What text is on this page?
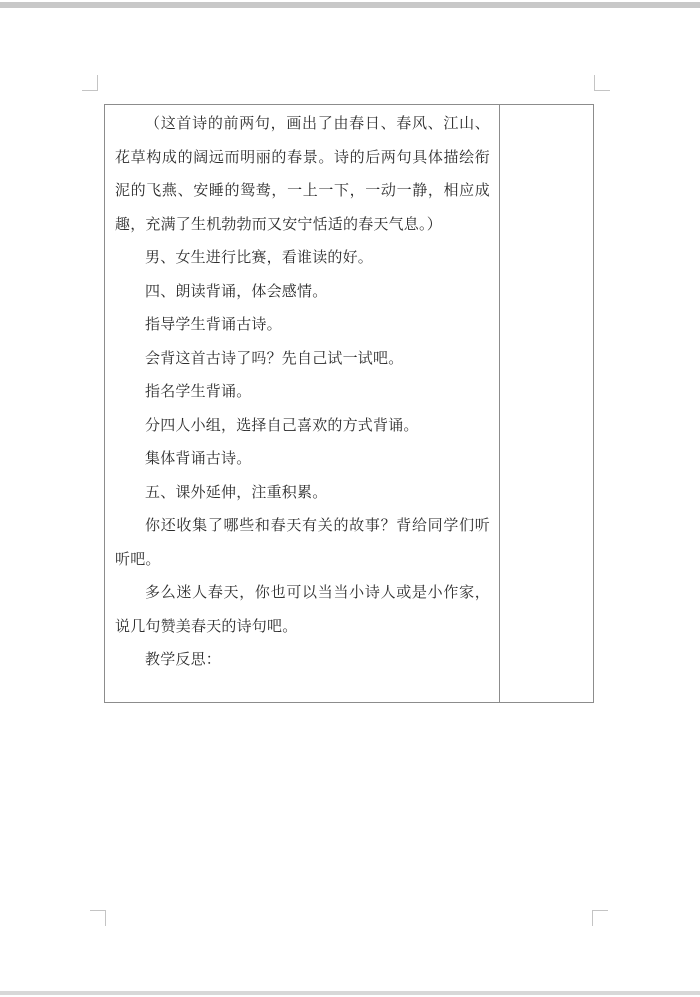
（这首诗的前两句，画出了由春日、春风、江山、花草构成的阔远而明丽的春景。诗的后两句具体描绘衔泥的飞燕、安睡的鸳鸯，一上一下，一动一静，相应成趣，充满了生机勃勃而又安宁恬适的春天气息。）

男、女生进行比赛，看谁读的好。

四、朗读背诵，体会感情。

指导学生背诵古诗。

会背这首古诗了吗？先自己试一试吧。

指名学生背诵。

分四人小组，选择自己喜欢的方式背诵。

集体背诵古诗。

五、课外延伸，注重积累。

你还收集了哪些和春天有关的故事？背给同学们听听吧。

多么迷人春天，你也可以当当小诗人或是小作家，说几句赞美春天的诗句吧。

教学反思：
